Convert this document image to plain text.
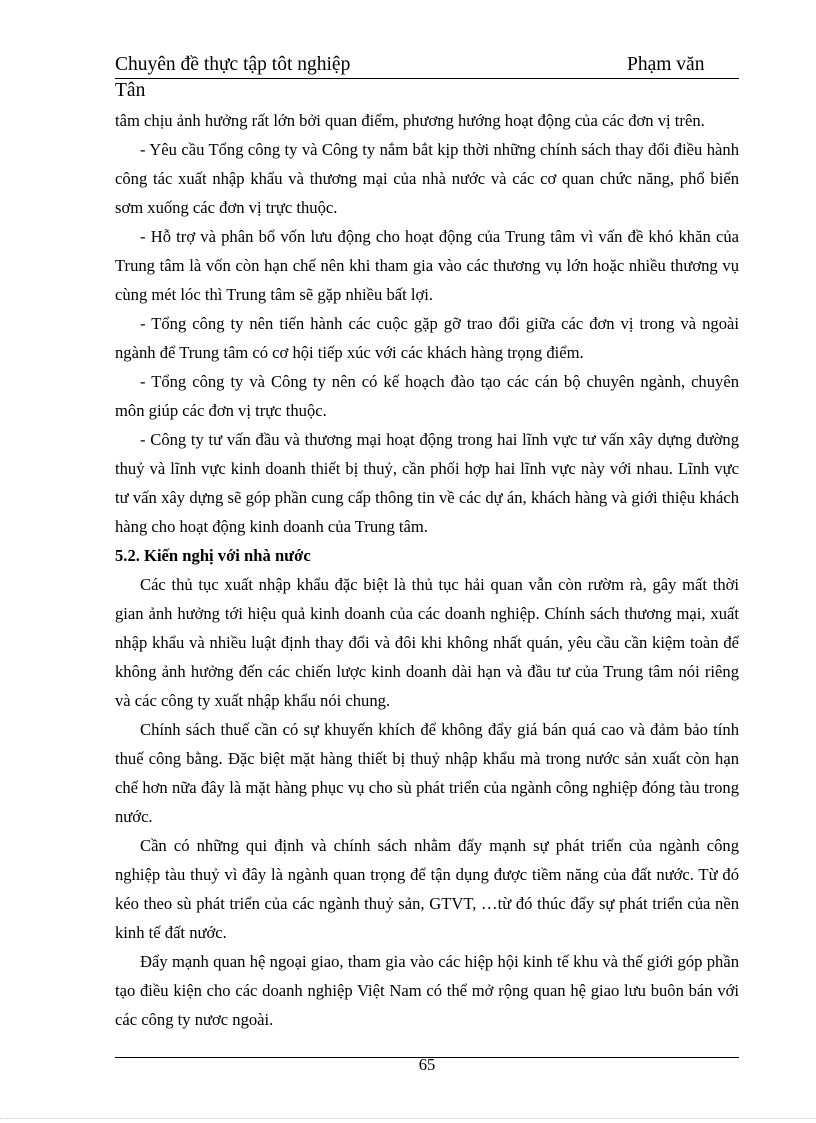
Chuyên đề thực tập tôt nghiệp	Phạm văn
Tân

tâm chịu ảnh hưởng rất lớn bởi quan điểm, phương hướng hoạt động của các đơn vị trên.

- Yêu cầu Tổng công ty và Công ty nắm bắt kịp thời những chính sách thay đổi điều hành công tác xuất nhập khẩu và thương mại của nhà nước và các cơ quan chức năng, phổ biến sơm xuống các đơn vị trực thuộc.

- Hỗ trợ và phân bổ vốn lưu động cho hoạt động của Trung tâm vì vấn đề khó khăn của Trung tâm là vốn còn hạn chế nên khi tham gia vào các thương vụ lớn hoặc nhiều thương vụ cùng mét lóc thì Trung tâm sẽ gặp nhiều bất lợi.

- Tổng công ty nên tiến hành các cuộc gặp gỡ trao đổi giữa các đơn vị trong và ngoài ngành để Trung tâm có cơ hội tiếp xúc với các khách hàng trọng điểm.

- Tổng công ty và Công ty nên có kế hoạch đào tạo các cán bộ chuyên ngành, chuyên môn giúp các đơn vị trực thuộc.

- Công ty tư vấn đầu và thương mại hoạt động trong hai lĩnh vực tư vấn xây dựng đường thuỷ và lĩnh vực kinh doanh thiết bị thuỷ, cần phối hợp hai lĩnh vực này với nhau. Lĩnh vực tư vấn xây dựng sẽ góp phần cung cấp thông tin về các dự án, khách hàng và giới thiệu khách hàng cho hoạt động kinh doanh của Trung tâm.

5.2. Kiến nghị với nhà nước

Các thủ tục xuất nhập khẩu đặc biệt là thủ tục hải quan vẫn còn rườm rà, gây mất thời gian ảnh hưởng tới hiệu quả kinh doanh của các doanh nghiệp. Chính sách thương mại, xuất nhập khẩu và nhiều luật định thay đổi và đôi khi không nhất quán, yêu cầu cần kiệm toàn để không ảnh hưởng đến các chiến lược kinh doanh dài hạn và đầu tư của Trung tâm nói riêng và các công ty xuất nhập khẩu nói chung.

Chính sách thuế cần có sự khuyến khích để không đẩy giá bán quá cao và đảm bảo tính thuế công bằng. Đặc biệt mặt hàng thiết bị thuỷ nhập khẩu mà trong nước sản xuất còn hạn chế hơn nữa đây là mặt hàng phục vụ cho sù phát triển của ngành công nghiệp đóng tàu trong nước.

Cần có những qui định và chính sách nhằm đẩy mạnh sự phát triển của ngành công nghiệp tàu thuỷ vì đây là ngành quan trọng để tận dụng được tiềm năng của đất nước. Từ đó kéo theo sù phát triển của các ngành thuỷ sản, GTVT, …từ đó thúc đẩy sự phát triển của nền kinh tế đất nước.

Đẩy mạnh quan hệ ngoại giao, tham gia vào các hiệp hội kinh tế khu và thế giới góp phần tạo điều kiện cho các doanh nghiệp Việt Nam có thể mở rộng quan hệ giao lưu buôn bán với các công ty nươc ngoài.

65
